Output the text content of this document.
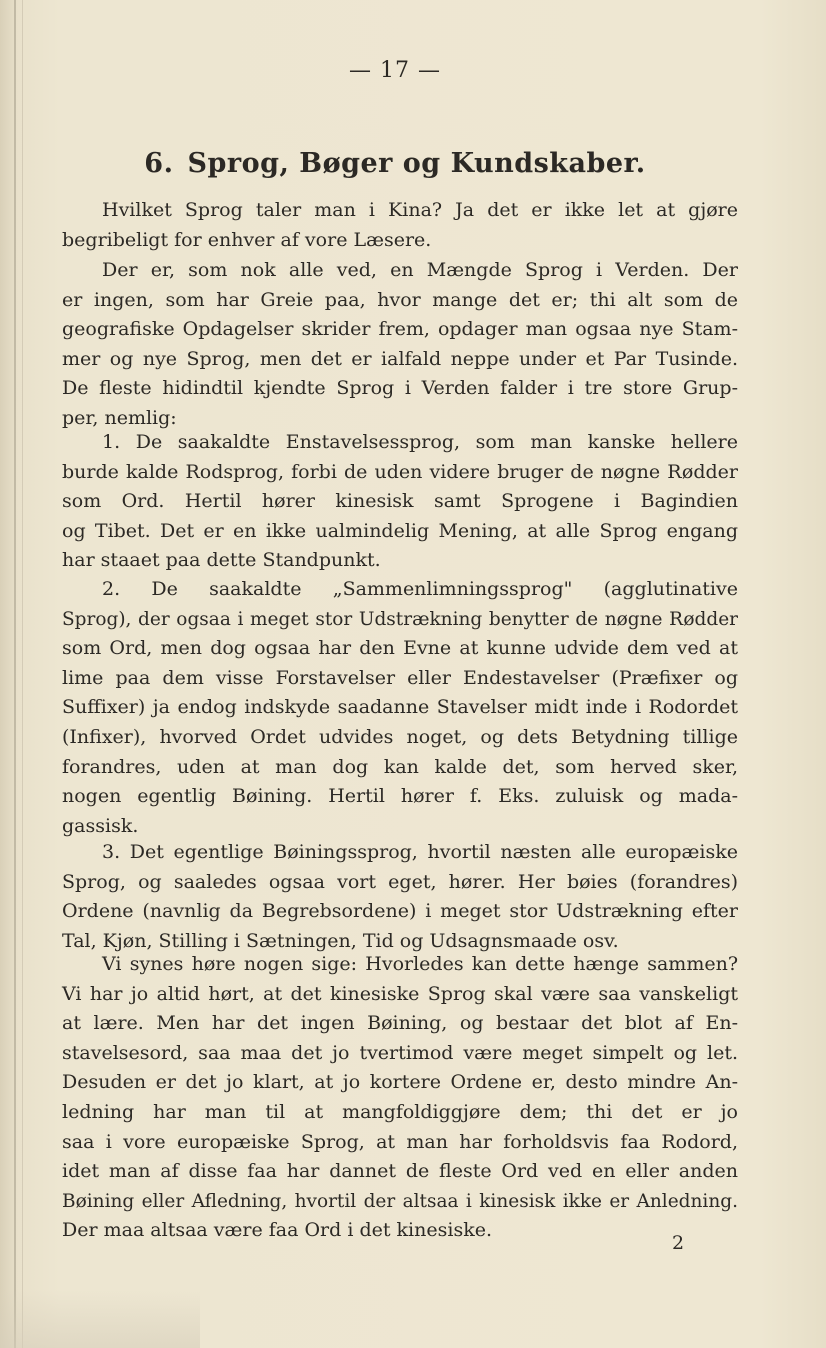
— 17 —
6. Sprog, Bøger og Kundskaber.
Hvilket Sprog taler man i Kina? Ja det er ikke let at gjøre
begribeligt for enhver af vore Læsere.
Der er, som nok alle ved, en Mængde Sprog i Verden. Der
er ingen, som har Greie paa, hvor mange det er; thi alt som de
geografiske Opdagelser skrider frem, opdager man ogsaa nye Stam-
mer og nye Sprog, men det er ialfald neppe under et Par Tusinde.
De fleste hidindtil kjendte Sprog i Verden falder i tre store Grup-
per, nemlig:
1. De saakaldte Enstavelsessprog, som man kanske hellere
burde kalde Rodsprog, forbi de uden videre bruger de nøgne Rødder
som Ord. Hertil hører kinesisk samt Sprogene i Bagindien
og Tibet. Det er en ikke ualmindelig Mening, at alle Sprog engang
har staaet paa dette Standpunkt.
2. De saakaldte „Sammenlimningssprog" (agglutinative
Sprog), der ogsaa i meget stor Udstrækning benytter de nøgne Rødder
som Ord, men dog ogsaa har den Evne at kunne udvide dem ved at
lime paa dem visse Forstavelser eller Endestavelser (Præfixer og
Suffixer) ja endog indskyde saadanne Stavelser midt inde i Rodordet
(Infixer), hvorved Ordet udvides noget, og dets Betydning tillige
forandres, uden at man dog kan kalde det, som herved sker,
nogen egentlig Bøining. Hertil hører f. Eks. zuluisk og mada-
gassisk.
3. Det egentlige Bøiningssprog, hvortil næsten alle europæiske
Sprog, og saaledes ogsaa vort eget, hører. Her bøies (forandres)
Ordene (navnlig da Begrebsordene) i meget stor Udstrækning efter
Tal, Kjøn, Stilling i Sætningen, Tid og Udsagnsmaade osv.
Vi synes høre nogen sige: Hvorledes kan dette hænge sammen?
Vi har jo altid hørt, at det kinesiske Sprog skal være saa vanskeligt
at lære. Men har det ingen Bøining, og bestaar det blot af En-
stavelsesord, saa maa det jo tvertimod være meget simpelt og let.
Desuden er det jo klart, at jo kortere Ordene er, desto mindre An-
ledning har man til at mangfoldiggjøre dem; thi det er jo
saa i vore europæiske Sprog, at man har forholdsvis faa Rodord,
idet man af disse faa har dannet de fleste Ord ved en eller anden
Bøining eller Afledning, hvortil der altsaa i kinesisk ikke er Anledning.
Der maa altsaa være faa Ord i det kinesiske.
2
